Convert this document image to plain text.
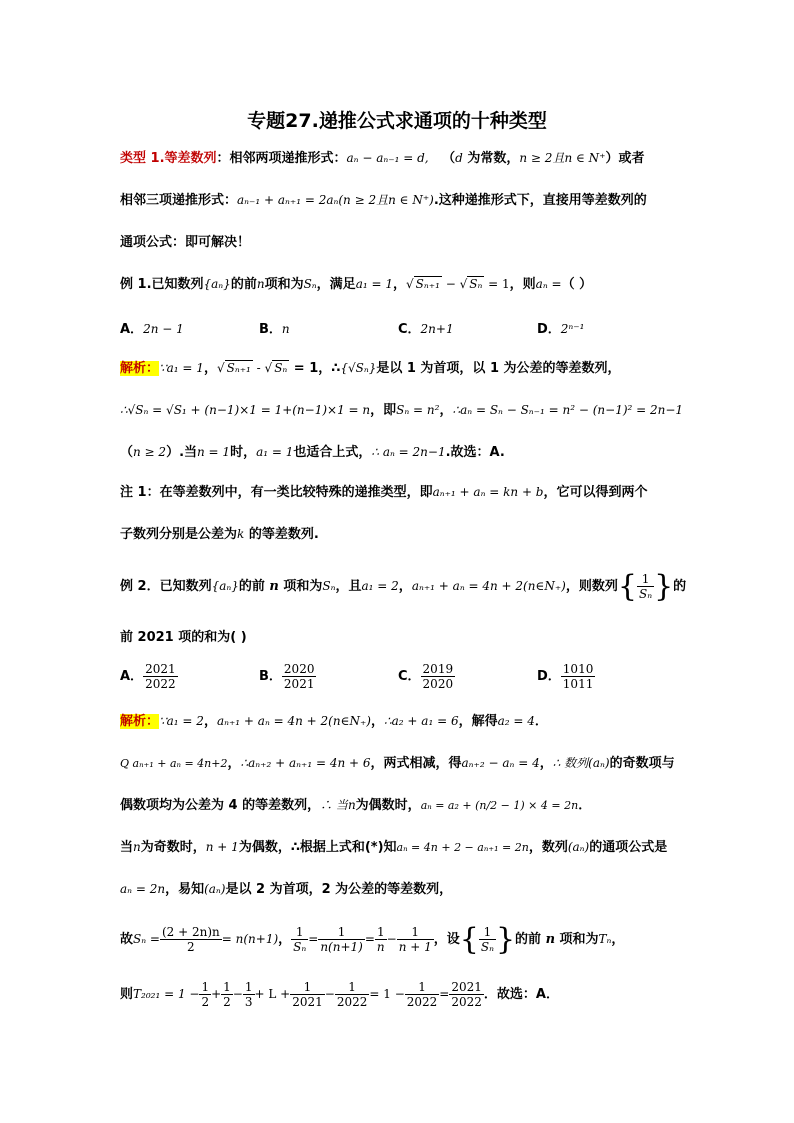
专题27.递推公式求通项的十种类型
类型 1.等差数列：相邻两项递推形式：aₙ − aₙ₋₁ = d, （d 为常数，n ≥ 2且n ∈ N⁺）或者
相邻三项递推形式：aₙ₋₁ + aₙ₊₁ = 2aₙ(n ≥ 2且n ∈ N⁺).这种递推形式下，直接用等差数列的
通项公式：即可解决！
例 1.已知数列{aₙ}的前n项和为Sₙ，满足a₁ = 1，√ Sₙ₊₁ − √ Sₙ = 1，则aₙ =（ ）
A．2n − 1	B．n	C．2n+1	D．2ⁿ⁻¹
解析：∵a₁ = 1，√ Sₙ₊₁ - √ Sₙ = 1，∴{√Sₙ}是以 1 为首项，以 1 为公差的等差数列，
∴√Sₙ = √S₁ + (n−1)×1 = 1+(n−1)×1 = n，即Sₙ = n²，∴aₙ = Sₙ − Sₙ₋₁ = n² − (n−1)² = 2n−1
（n ≥ 2）.当n = 1时，a₁ = 1也适合上式，∴ aₙ = 2n−1.故选：A.
注 1：在等差数列中，有一类比较特殊的递推类型，即aₙ₊₁ + aₙ = kn + b，它可以得到两个
子数列分别是公差为k 的等差数列.
例 2．已知数列{aₙ}的前 n 项和为Sₙ，且a₁ = 2，aₙ₊₁ + aₙ = 4n + 2(n∈N₊)，则数列{ $\frac{1}{\text{Sₙ}}$ }的
前 2021 项的和为( )
A． $\frac{2021}{2022}$	B． $\frac{2020}{2021}$	C． $\frac{2019}{2020}$	D． $\frac{1010}{1011}$
解析：∵a₁ = 2，aₙ₊₁ + aₙ = 4n + 2(n∈N₊)，∴a₂ + a₁ = 6，解得a₂ = 4．
Q aₙ₊₁ + aₙ = 4n+2，∴aₙ₊₂ + aₙ₊₁ = 4n + 6，两式相减，得aₙ₊₂ − aₙ = 4，∴ 数列(aₙ)的奇数项与
偶数项均为公差为 4 的等差数列，∴ 当n为偶数时，aₙ = a₂ + (n/2 − 1) × 4 = 2n．
当n为奇数时，n + 1为偶数，∴根据上式和(*)知aₙ = 4n + 2 − aₙ₊₁ = 2n，数列(aₙ)的通项公式是
aₙ = 2n，易知(aₙ)是以 2 为首项，2 为公差的等差数列，
故$S_n = \frac{(2 + 2n)n}{2} = n(n+1)$， $\frac{1}{\text{Sₙ}} = \frac{1}{n(n+1)} = \frac{1}{n} - \frac{1}{n + 1}$ ，设{ $\frac{1}{\text{Sₙ}}$ }的前 n 项和为Tₙ，
则$T_{2021} = 1 - \frac{1}{2} + \frac{1}{2} - \frac{1}{3} + L + \frac{1}{2021} - \frac{1}{2022} = 1 - \frac{1}{2022} = \frac{2021}{2022}$ ．故选：A．
